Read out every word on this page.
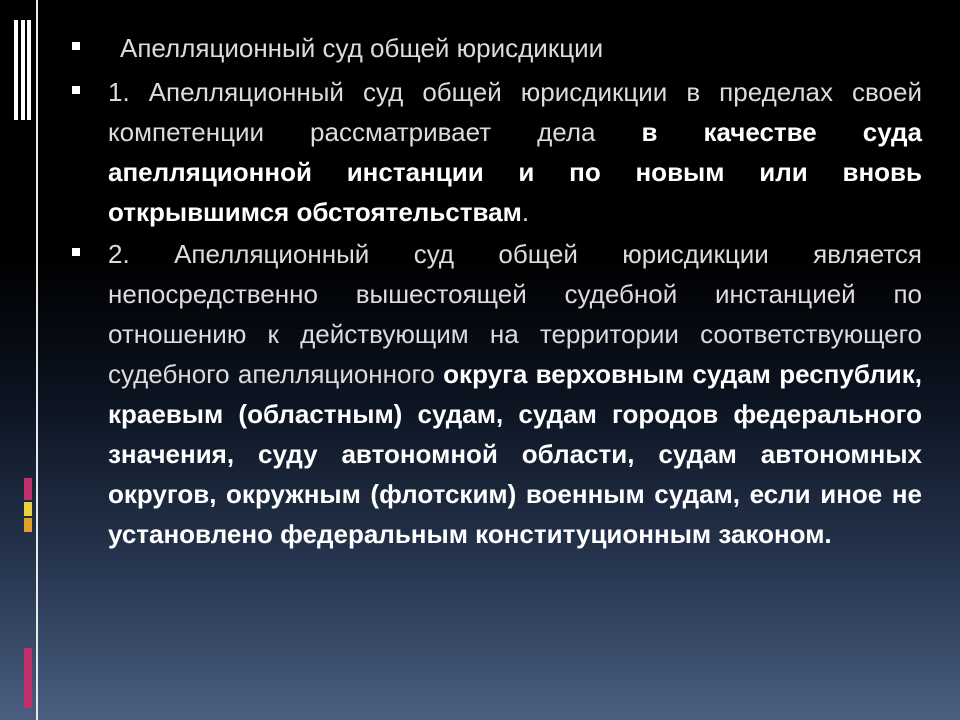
Апелляционный суд общей юрисдикции
1. Апелляционный суд общей юрисдикции в пределах своей компетенции рассматривает дела в качестве суда апелляционной инстанции и по новым или вновь открывшимся обстоятельствам.
2. Апелляционный суд общей юрисдикции является непосредственно вышестоящей судебной инстанцией по отношению к действующим на территории соответствующего судебного апелляционного округа верховным судам республик, краевым (областным) судам, судам городов федерального значения, суду автономной области, судам автономных округов, окружным (флотским) военным судам, если иное не установлено федеральным конституционным законом.
